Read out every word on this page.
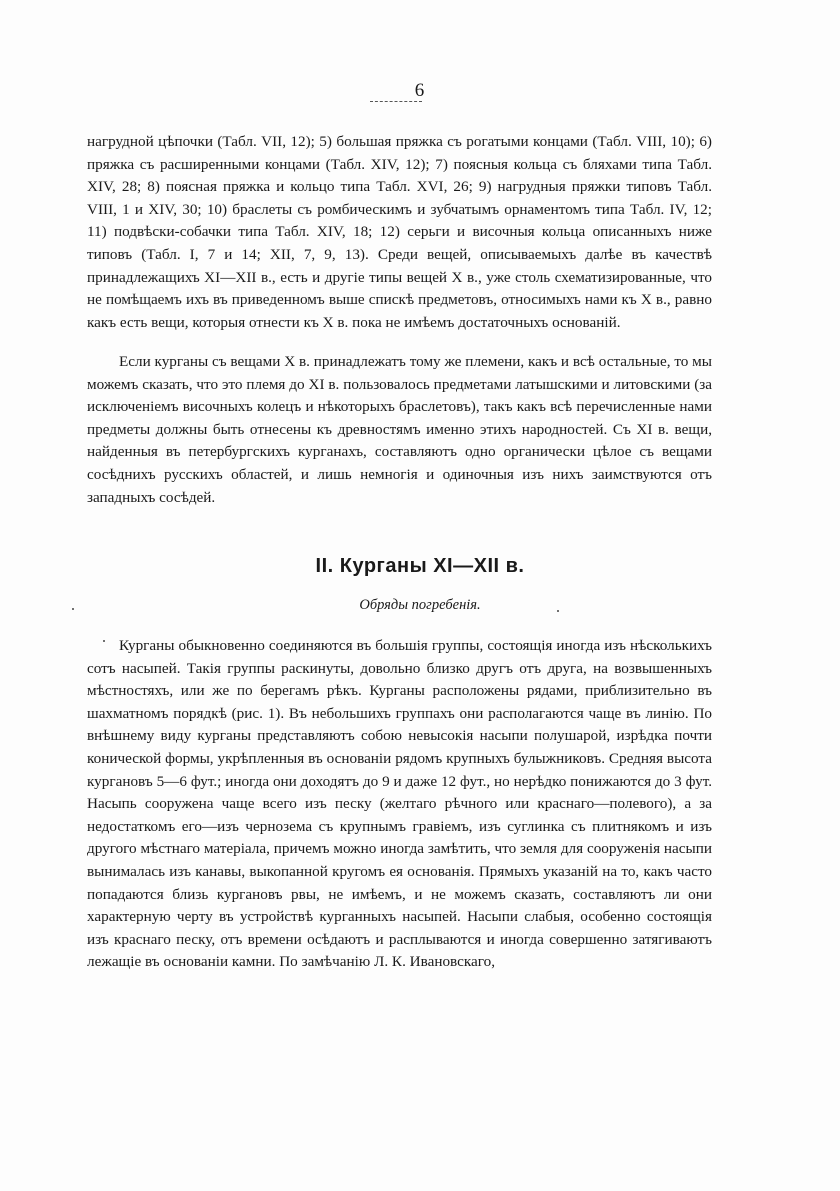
6

нагрудной цѣпочки (Табл. VII, 12); 5) большая пряжка съ рогатыми концами (Табл. VIII, 10); 6) пряжка съ расширенными концами (Табл. XIV, 12); 7) поясныя кольца съ бляхами типа Табл. XIV, 28; 8) поясная пряжка и кольцо типа Табл. XVI, 26; 9) нагрудныя пряжки типовъ Табл. VIII, 1 и XIV, 30; 10) браслеты съ ромбическимъ и зубчатымъ орнаментомъ типа Табл. IV, 12; 11) подвѣски-собачки типа Табл. XIV, 18; 12) серьги и височныя кольца описанныхъ ниже типовъ (Табл. I, 7 и 14; XII, 7, 9, 13). Среди вещей, описываемыхъ далѣе въ качествѣ принадлежащихъ XI—XII в., есть и другіе типы вещей X в., уже столь схематизированные, что не помѣщаемъ ихъ въ приведенномъ выше спискѣ предметовъ, относимыхъ нами къ X в., равно какъ есть вещи, которыя отнести къ X в. пока не имѣемъ достаточныхъ основаній.

Если курганы съ вещами X в. принадлежатъ тому же племени, какъ и всѣ остальные, то мы можемъ сказать, что это племя до XI в. пользовалось предметами латышскими и литовскими (за исключеніемъ височныхъ колецъ и нѣкоторыхъ браслетовъ), такъ какъ всѣ перечисленные нами предметы должны быть отнесены къ древностямъ именно этихъ народностей. Съ XI в. вещи, найденныя въ петербургскихъ курганахъ, составляютъ одно органически цѣлое съ вещами сосѣднихъ русскихъ областей, и лишь немногія и одиночныя изъ нихъ заимствуются отъ западныхъ сосѣдей.

II. Курганы XI—XII в.
Обряды погребенія.

Курганы обыкновенно соединяются въ большія группы, состоящія иногда изъ нѣсколькихъ сотъ насыпей. Такія группы раскинуты, довольно близко другъ отъ друга, на возвышенныхъ мѣстностяхъ, или же по берегамъ рѣкъ. Курганы расположены рядами, приблизительно въ шахматномъ порядкѣ (рис. 1). Въ небольшихъ группахъ они располагаются чаще въ линію. По внѣшнему виду курганы представляютъ собою невысокія насыпи полушарой, изрѣдка почти конической формы, укрѣпленныя въ основаніи рядомъ крупныхъ булыжниковъ. Средняя высота кургановъ 5—6 фут.; иногда они доходятъ до 9 и даже 12 фут., но нерѣдко понижаются до 3 фут. Насыпь сооружена чаще всего изъ песку (желтаго рѣчного или краснаго—полевого), а за недостаткомъ его—изъ чернозема съ крупнымъ гравіемъ, изъ суглинка съ плитнякомъ и изъ другого мѣстнаго матеріала, причемъ можно иногда замѣтить, что земля для сооруженія насыпи вынималась изъ канавы, выкопанной кругомъ ея основанія. Прямыхъ указаній на то, какъ часто попадаются близь кургановъ рвы, не имѣемъ, и не можемъ сказать, составляютъ ли они характерную черту въ устройствѣ курганныхъ насыпей. Насыпи слабыя, особенно состоящія изъ краснаго песку, отъ времени осѣдаютъ и расплываются и иногда совершенно затягиваютъ лежащіе въ основаніи камни. По замѣчанію Л. К. Ивановскаго,
